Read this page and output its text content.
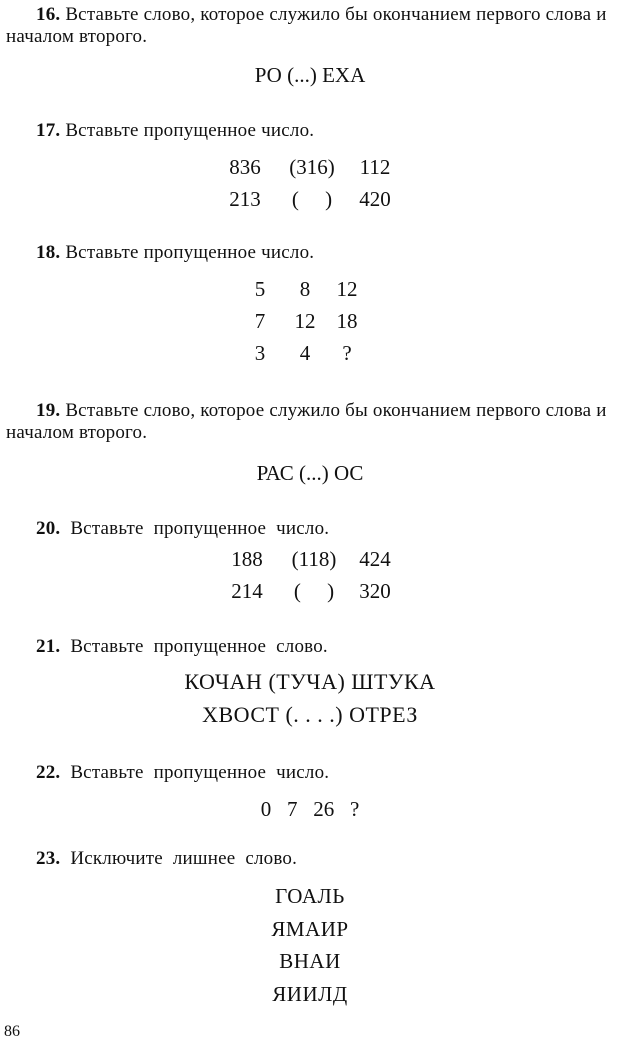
16. Вставьте слово, которое служило бы окончанием первого слова и началом второго.
РО (...) ЕХА
17. Вставьте пропущенное число.
836	(316)	112
213	(     )	420
18. Вставьте пропущенное число.
5	8	12
7	12	18
3	4	?
19. Вставьте слово, которое служило бы окончанием первого слова и началом второго.
РАС (...) ОС
20. Вставьте пропущенное число.
188	(118)	424
214	(     )	320
21. Вставьте пропущенное слово.
КОЧАН (ТУЧА) ШТУКА
ХВОСТ (. . . .) ОТРЕЗ
22. Вставьте пропущенное число.
0   7   26   ?
23. Исключите лишнее слово.
ГОАЛЬ
ЯМАИР
ВНАИ
ЯИИЛД
86
